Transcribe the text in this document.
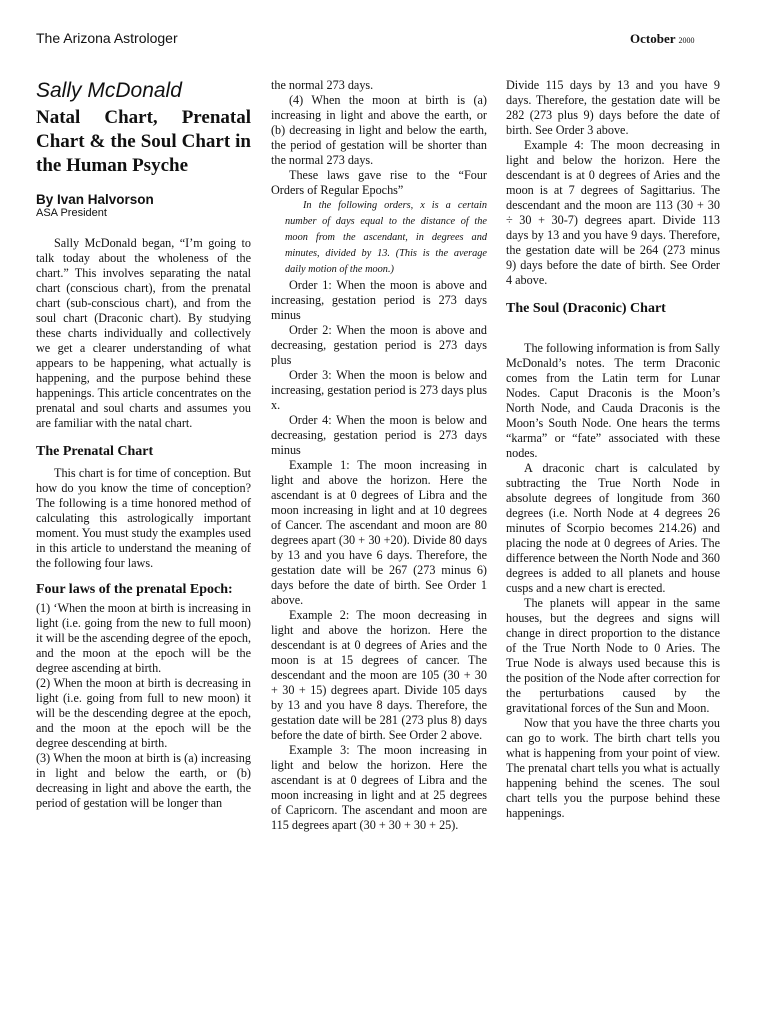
The Arizona Astrologer	October 2000
Sally McDonald
Natal Chart, Prenatal Chart & the Soul Chart in the Human Psyche
By Ivan Halvorson
ASA President

Sally McDonald began, “I’m going to talk today about the wholeness of the chart.” This involves separating the natal chart (conscious chart), from the prenatal chart (sub-conscious chart), and from the soul chart (Draconic chart). By studying these charts individually and collectively we get a clearer understanding of what appears to be happening, what actually is happening, and the purpose behind these happenings. This article concentrates on the prenatal and soul charts and assumes you are familiar with the natal chart.

The Prenatal Chart

This chart is for time of conception. But how do you know the time of conception? The following is a time honored method of calculating this astrologically important moment. You must study the examples used in this article to understand the meaning of the following four laws.

Four laws of the prenatal Epoch:

(1) ‘When the moon at birth is increasing in light (i.e. going from the new to full moon) it will be the ascending degree of the epoch, and the moon at the epoch will be the degree ascending at birth.

(2) When the moon at birth is decreasing in light (i.e. going from full to new moon) it will be the descending degree at the epoch, and the moon at the epoch will be the degree descending at birth.

(3) When the moon at birth is (a) increasing in light and below the earth, or (b) decreasing in light and above the earth, the period of gestation will be longer than

the normal 273 days.

(4) When the moon at birth is (a) increasing in light and above the earth, or (b) decreasing in light and below the earth, the period of gestation will be shorter than the normal 273 days.

These laws gave rise to the “Four Orders of Regular Epochs”

In the following orders, x is a certain number of days equal to the distance of the moon from the ascendant, in degrees and minutes, divided by 13. (This is the average daily motion of the moon.)

Order 1: When the moon is above and increasing, gestation period is 273 days minus

Order 2: When the moon is above and decreasing, gestation period is 273 days plus

Order 3: When the moon is below and increasing, gestation period is 273 days plus x.

Order 4: When the moon is below and decreasing, gestation period is 273 days minus

Example 1: The moon increasing in light and above the horizon. Here the ascendant is at 0 degrees of Libra and the moon increasing in light and at 10 degrees of Cancer. The ascendant and moon are 80 degrees apart (30 + 30 +20). Divide 80 days by 13 and you have 6 days. Therefore, the gestation date will be 267 (273 minus 6) days before the date of birth. See Order 1 above.

Example 2: The moon decreasing in light and above the horizon. Here the descendant is at 0 degrees of Aries and the moon is at 15 degrees of cancer. The descendant and the moon are 105 (30 + 30 + 30 + 15) degrees apart. Divide 105 days by 13 and you have 8 days. Therefore, the gestation date will be 281 (273 plus 8) days before the date of birth. See Order 2 above.

Example 3: The moon increasing in light and below the horizon. Here the ascendant is at 0 degrees of Libra and the moon increasing in light and at 25 degrees of Capricorn. The ascendant and moon are 115 degrees apart (30 + 30 + 30 + 25).

Divide 115 days by 13 and you have 9 days. Therefore, the gestation date will be 282 (273 plus 9) days before the date of birth. See Order 3 above.

Example 4: The moon decreasing in light and below the horizon. Here the descendant is at 0 degrees of Aries and the moon is at 7 degrees of Sagittarius. The descendant and the moon are 113 (30 + 30 ÷ 30 + 30-7) degrees apart. Divide 113 days by 13 and you have 9 days. Therefore, the gestation date will be 264 (273 minus 9) days before the date of birth. See Order 4 above.

The Soul (Draconic) Chart

The following information is from Sally McDonald’s notes. The term Draconic comes from the Latin term for Lunar Nodes. Caput Draconis is the Moon’s North Node, and Cauda Draconis is the Moon’s South Node. One hears the terms “karma” or “fate” associated with these nodes.

A draconic chart is calculated by subtracting the True North Node in absolute degrees of longitude from 360 degrees (i.e. North Node at 4 degrees 26 minutes of Scorpio becomes 214.26) and placing the node at 0 degrees of Aries. The difference between the North Node and 360 degrees is added to all planets and house cusps and a new chart is erected.

The planets will appear in the same houses, but the degrees and signs will change in direct proportion to the distance of the True North Node to 0 Aries. The True Node is always used because this is the position of the Node after correction for the perturbations caused by the gravitational forces of the Sun and Moon.

Now that you have the three charts you can go to work. The birth chart tells you what is happening from your point of view. The prenatal chart tells you what is actually happening behind the scenes. The soul chart tells you the purpose behind these happenings.
